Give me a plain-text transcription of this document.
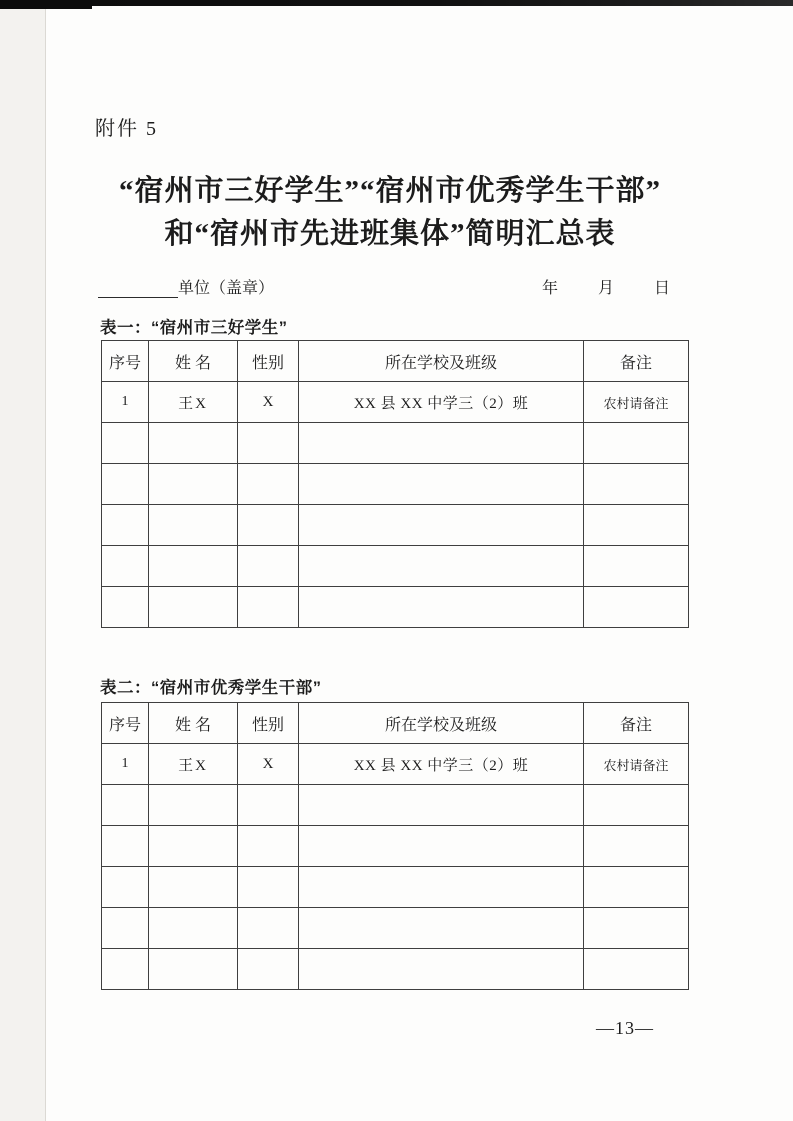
附件 5
“宿州市三好学生”“宿州市优秀学生干部”
和“宿州市先进班集体”简明汇总表
单位（盖章）	年	月	日
表一：“宿州市三好学生”
序号	姓 名	性别	所在学校及班级	备注
1	王X	X	XX 县 XX 中学三（2）班	农村请备注

表二：“宿州市优秀学生干部”
序号	姓 名	性别	所在学校及班级	备注
1	王X	X	XX 县 XX 中学三（2）班	农村请备注

—13—
